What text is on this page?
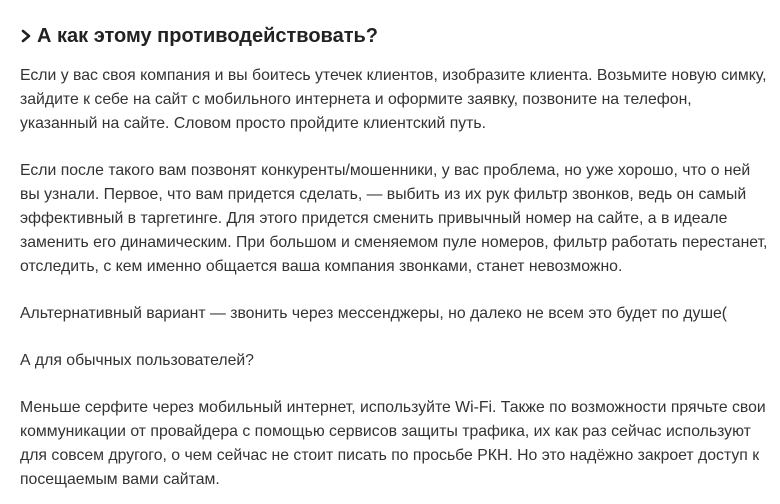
А как этому противодействовать?

Если у вас своя компания и вы боитесь утечек клиентов, изобразите клиента. Возьмите новую симку, зайдите к себе на сайт с мобильного интернета и оформите заявку, позвоните на телефон, указанный на сайте. Словом просто пройдите клиентский путь.

Если после такого вам позвонят конкуренты/мошенники, у вас проблема, но уже хорошо, что о ней вы узнали. Первое, что вам придется сделать, — выбить из их рук фильтр звонков, ведь он самый эффективный в таргетинге. Для этого придется сменить привычный номер на сайте, а в идеале заменить его динамическим. При большом и сменяемом пуле номеров, фильтр работать перестанет, отследить, с кем именно общается ваша компания звонками, станет невозможно.

Альтернативный вариант — звонить через мессенджеры, но далеко не всем это будет по душе(

А для обычных пользователей?

Меньше серфите через мобильный интернет, используйте Wi-Fi. Также по возможности прячьте свои коммуникации от провайдера с помощью сервисов защиты трафика, их как раз сейчас используют для совсем другого, о чем сейчас не стоит писать по просьбе РКН. Но это надёжно закроет доступ к посещаемым вами сайтам.
